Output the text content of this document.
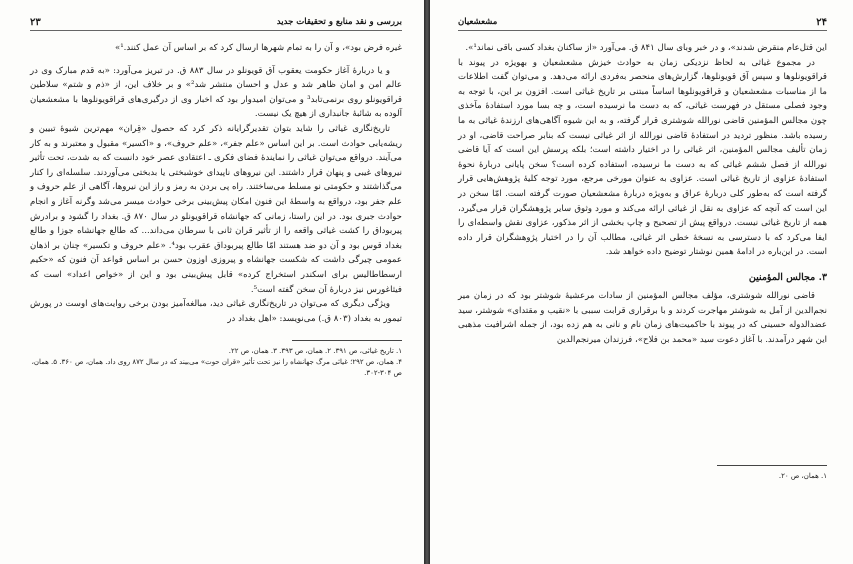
بررسی و نقد منابع و تحقیقات جدید
۲۳

غیره فرض بود»، و آن را به تمام شهرها ارسال کرد که بر اساس آن عمل کنند.¹»

و یا دربارهٔ آغاز حکومت یعقوب آق قویونلو در سال ۸۸۳ ق. در تبریز می‌آورد: «به قدم مبارک وی در عالم امن و امان ظاهر شد و عدل و احسان منتشر شد²» و بر خلاف این، از «ذم و شتم» سلاطین قراقویونلو روی برنمی‌تابد³ و می‌توان امیدوار بود که اخبار وی از درگیری‌های قراقویونلوها با مشعشعیان آلوده به شائبهٔ جانبداری از هیچ یک نیست.

تاریخ‌نگاری غیاثی را شاید بتوان تقدیرگرایانه ذکر کرد که حصول «قِران» مهم‌ترین شیوهٔ تبیین و ریشه‌یابی حوادث است. بر این اساس «علم جفر»، «علم حروف»، و «اکسیر» مقبول و معتبرند و به کار می‌آیند. درواقع می‌توان غیاثی را نمایندهٔ فضای فکری ـ اعتقادی عصر خود دانست که به شدت، تحت تأثیر نیروهای غیبی و پنهان قرار داشتند. این نیروهای ناپیدای خوشبختی یا بدبختی می‌آوردند. سلسله‌ای را کنار می‌گذاشتند و حکومتی نو مسلط می‌ساختند. راه پی بردن به رمز و راز این نیروها، آگاهی از علم حروف و علم جفر بود، درواقع به واسطهٔ این فنون امکان پیش‌بینی برخی حوادث میسر می‌شد وگرنه آغاز و انجام حوادث جبری بود. در این راستا، زمانی که جهانشاه قراقویونلو در سال ۸۷۰ ق. بغداد را گشود و برادرش پیربوداق را کشت غیاثی واقعه را از تأثیر قران ثانی با سرطان می‌داند... که طالع جهانشاه جوزا و طالع بغداد قوس بود و آن دو ضد هستند امّا طالع پیربوداق عقرب بود⁴. «علم حروف و تکسیر» چنان بر اذهان عمومی چیرگی داشت که شکست جهانشاه و پیروزی اوزون حسن بر اساس قواعد آن فنون که «حکیم ارسطاطالیس برای اسکندر استخراج کرده» قابل پیش‌بینی بود و این از «خواص اعداد» است که فیثاغورس نیز دربارهٔ آن سخن گفته است⁵.

ویژگی دیگری که می‌توان در تاریخ‌نگاری غیاثی دید، مبالغه‌آمیز بودن برخی روایت‌های اوست در پورش تیمور به بغداد (۸۰۳ ق.) می‌نویسد: «اهل بغداد در

۱. تاریخ غیاثی، ص ۳۹۱. ۲. همان، ص ۳۹۳. ۳. همان، ص ۲۲.

۴. همان، ص ۲۹۲؛ غیاثی مرگ جهانشاه را نیز تحت تأثیر «قران حوت» می‌بیند که در سال ۸۷۲ روی داد. همان، ص ۳۶۰. ۵. همان، ص ۳۰۴-۳۰۲.

۲۴
مشعشعیان

این قتل‌عام منقرض شدند»، و در خبر وبای سال ۸۴۱ ق. می‌آورد «از ساکنان بغداد کسی باقی نماند¹».

در مجموع غیاثی به لحاظ نزدیکی زمان به حوادث خیزش مشعشعیان و بهویژه در پیوند با قراقویونلوها و سپس آق قویونلوها، گزارش‌های منحصر به‌فردی ارائه می‌دهد. و می‌توان گفت اطلاعات ما از مناسبات مشعشعیان و قراقویونلوها اساساً مبتنی بر تاریخ غیاثی است. افزون بر این، با توجه به وجود فصلی مستقل در فهرست غیاثی، که به دست ما نرسیده است، و چه بسا مورد استفادهٔ مآخذی چون مجالس المؤمنین قاضی نورالله شوشتری قرار گرفته، و به این شیوه آگاهی‌های ارزندهٔ غیاثی به ما رسیده باشد. منظور تردید در استفادهٔ قاضی نورالله از اثر غیاثی نیست که بنابر صراحت قاضی، او در زمان تألیف مجالس المؤمنین، اثر غیاثی را در اختیار داشته است؛ بلکه پرسش این است که آیا قاضی نورالله از فصل ششم غیاثی که به دست ما نرسیده، استفاده کرده است؟ سخن پایانی دربارهٔ نحوهٔ استفادهٔ عزاوی از تاریخ غیاثی است. عزاوی به عنوان مورخی مرجع، مورد توجه کلیهٔ پژوهش‌هایی قرار گرفته است که به‌طور کلی دربارهٔ عراق و به‌ویژه دربارهٔ مشعشعیان صورت گرفته است. امّا سخن در این است که آنچه که عزاوی به نقل از غیاثی ارائه می‌کند و مورد وثوق سایر پژوهشگران قرار می‌گیرد، همه از تاریخ غیاثی نیست. درواقع پیش از تصحیح و چاپ بخشی از اثر مذکور، عزاوی نقش واسطه‌ای را ایفا می‌کرد که با دسترسی به نسخهٔ خطی اثر غیاثی، مطالب آن را در اختیار پژوهشگران قرار داده است. در این‌باره در ادامهٔ همین نوشتار توضیح داده خواهد شد.

۳. مجالس المؤمنین

قاضی نورالله شوشتری، مؤلف مجالس المؤمنین از سادات مرعشیهٔ شوشتر بود که در زمان میر نجم‌الدین از آمل به شوشتر مهاجرت کردند و با برقراری قرابت سببی با «نقیب و مقتدای» شوشتر، سید عضدالدوله حسینی که در پیوند با حاکمیت‌های زمان نام و نانی به هم زده بود، از جمله اشرافیت مذهبی این شهر درآمدند. با آغاز دعوت سید «محمد بن فلاح»، فرزندان میرنجم‌الدین

۱. همان، ص ۲۰.
